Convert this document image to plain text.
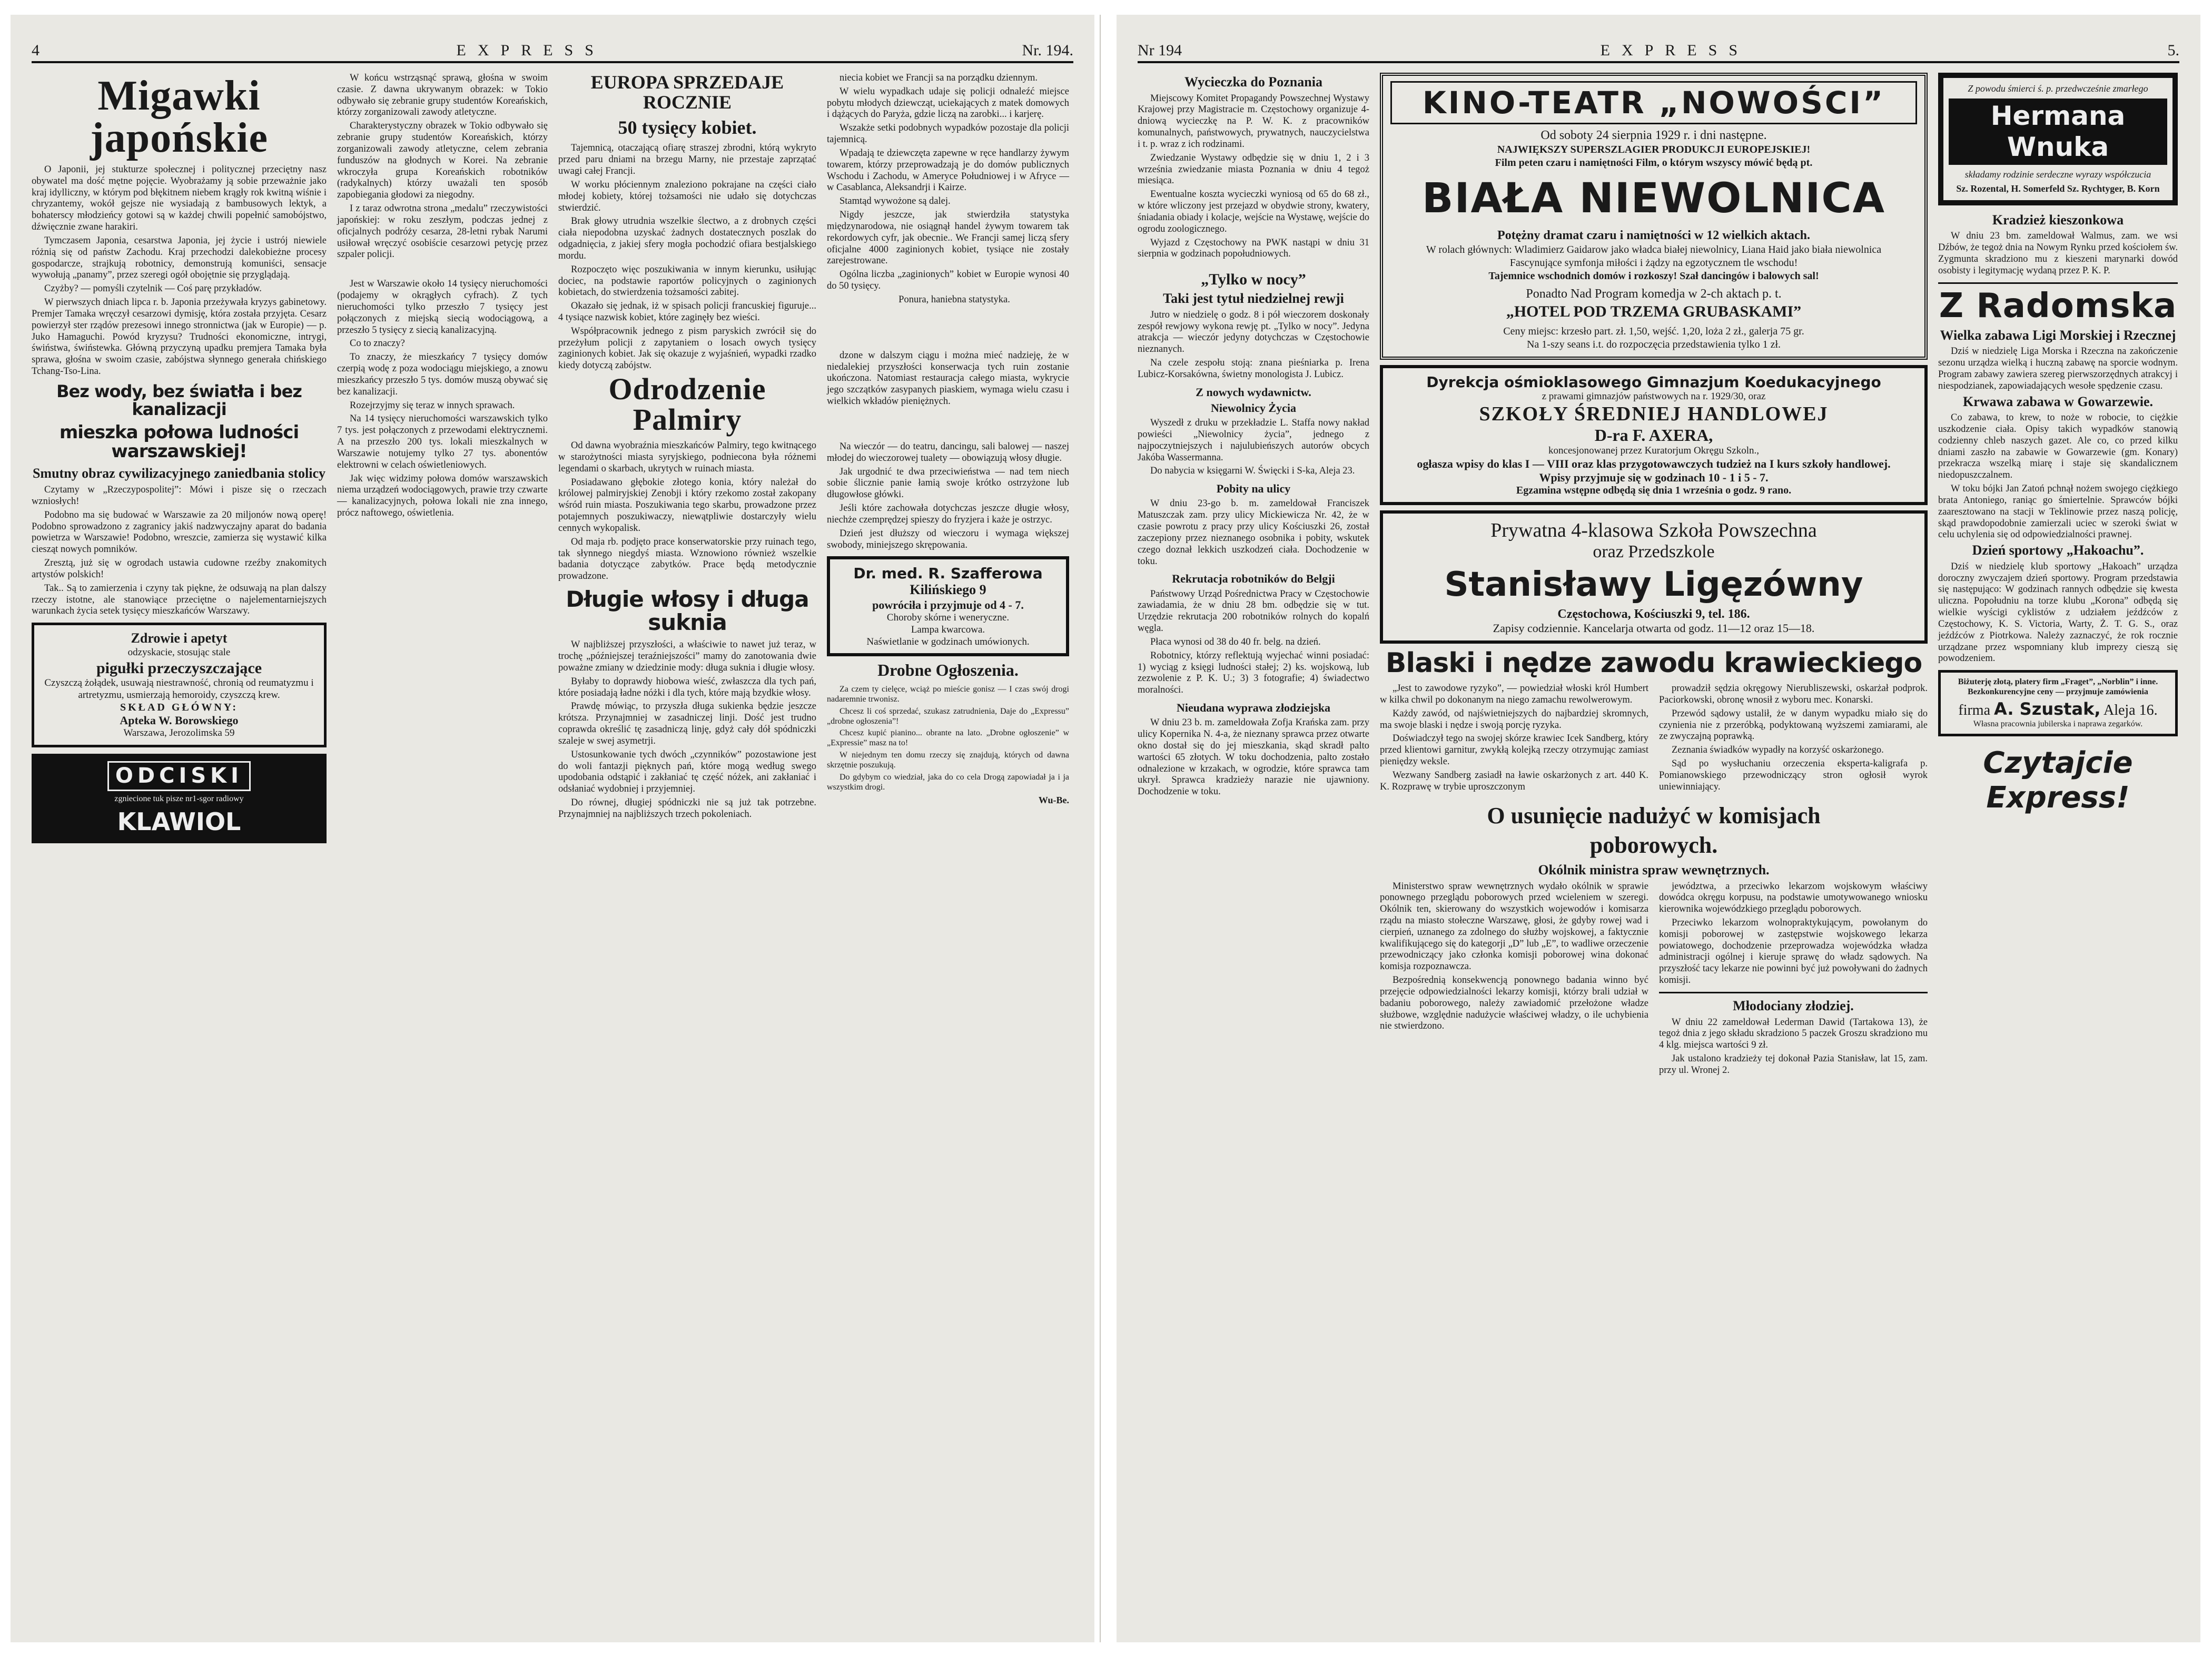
4	EXPRESS	Nr. 194.
Migawki japońskie

O Japonii, jej stukturze społecznej i politycznej przeciętny nasz obywatel ma dość mętne pojęcie. Wyobrażamy ją sobie przeważnie jako kraj idylliczny, w którym pod błękitnem niebem krągły rok kwitną wiśnie i chryzantemy, wokół gejsze nie wysiadają z bambusowych lektyk, a bohaterscy młodzieńcy gotowi są w każdej chwili popełnić samobójstwo, dźwięcznie zwane harakiri.

Tymczasem Japonia, cesarstwa Japonia, jej życie i ustrój niewiele różnią się od państw Zachodu. Kraj przechodzi dalekobieżne procesy gospodarcze, strajkują robotnicy, demonstrują komuniści, sensacje wywołują „panamy”, przez szeregi ogół obojętnie się przyglądają.

Czyżby? — pomyśli czytelnik — Coś parę przykładów.

W pierwszych dniach lipca r. b. Japonia przeżywała kryzys gabinetowy. Premjer Tamaka wręczył cesarzowi dymisję, która została przyjęta. Cesarz powierzył ster rządów prezesowi innego stronnictwa (jak w Europie) — p. Juko Hamaguchi. Powód kryzysu? Trudności ekonomiczne, intrygi, świństwa, świństewka. Główną przyczyną upadku premjera Tamaka była sprawa, głośna w swoim czasie, zabójstwa słynnego generała chińskiego Tchang-Tso-Lina.

Bez wody, bez światła i bez kanalizacji
mieszka połowa ludności warszawskiej!
Smutny obraz cywilizacyjnego zaniedbania stolicy

Czytamy w „Rzeczypospolitej”: Mówi i pisze się o rzeczach wzniosłych!

Podobno ma się budować w Warszawie za 20 miljonów nową operę! Podobno sprowadzono z zagranicy jakiś nadzwyczajny aparat do badania powietrza w Warszawie! Podobno, wreszcie, zamierza się wystawić kilka ciesząt nowych pomników.

Zresztą, już się w ogrodach ustawia cudowne rzeźby znakomitych artystów polskich!

Tak.. Są to zamierzenia i czyny tak piękne, że odsuwają na plan dalszy rzeczy istotne, ale stanowiące przeciętne o najelementarniejszych warunkach życia setek tysięcy mieszkańców Warszawy.

Zdrowie i apetyt
odzyskacie, stosując stale
pigułki przeczyszczające
Czyszczą żołądek, usuwają niestrawność, chronią od reumatyzmu i artretyzmu, usmierzają hemoroidy, czyszczą krew.
SKŁAD GŁÓWNY:
Apteka W. Borowskiego
Warszawa, Jerozolimska 59
ODCISKI
zgniecione tuk pisze nr1-sgor radiowy
KLAWIOL

W końcu wstrząsnąć sprawą, głośna w swoim czasie. Z dawna ukrywanym obrazek: w Tokio odbywało się zebranie grupy studentów Koreańskich, którzy zorganizowali zawody atletyczne.

Charakterystyczny obrazek w Tokio odbywało się zebranie grupy studentów Koreańskich, którzy zorganizowali zawody atletyczne, celem zebrania funduszów na głodnych w Korei. Na zebranie wkroczyła grupa Koreańskich robotników (radykalnych) którzy uważali ten sposób zapobiegania głodowi za niegodny.

I z taraz odwrotna strona „medalu” rzeczywistości japońskiej: w roku zeszłym, podczas jednej z oficjalnych podróży cesarza, 28-letni rybak Narumi usiłował wręczyć osobiście cesarzowi petycję przez szpaler policji.

Jest w Warszawie około 14 tysięcy nieruchomości (podajemy w okrągłych cyfrach). Z tych nieruchomości tylko przeszło 7 tysięcy jest połączonych z miejską siecią wodociągową, a przeszło 5 tysięcy z siecią kanalizacyjną.

Co to znaczy?

To znaczy, że mieszkańcy 7 tysięcy domów czerpią wodę z poza wodociągu miejskiego, a znowu mieszkańcy przeszło 5 tys. domów muszą obywać się bez kanalizacji.

Rozejrzyjmy się teraz w innych sprawach.

Na 14 tysięcy nieruchomości warszawskich tylko 7 tys. jest połączonych z przewodami elektrycznemi. A na przeszło 200 tys. lokali mieszkalnych w Warszawie notujemy tylko 27 tys. abonentów elektrowni w celach oświetleniowych.

Jak więc widzimy połowa domów warszawskich niema urządzeń wodociągowych, prawie trzy czwarte — kanalizacyjnych, połowa lokali nie zna innego, prócz naftowego, oświetlenia.

EUROPA SPRZEDAJE ROCZNIE
50 tysięcy kobiet.

Tajemnicą, otaczającą ofiarę straszej zbrodni, którą wykryto przed paru dniami na brzegu Marny, nie przestaje zaprzątać uwagi całej Francji.

W worku płóciennym znaleziono pokrajane na części ciało młodej kobiety, której tożsamości nie udało się dotychczas stwierdzić.

Brak głowy utrudnia wszelkie ślectwo, a z drobnych części ciała niepodobna uzyskać żadnych dostatecznych poszlak do odgadnięcia, z jakiej sfery mogła pochodzić ofiara bestjalskiego mordu.

Rozpoczęto więc poszukiwania w innym kierunku, usiłując dociec, na podstawie raportów policyjnych o zaginionych kobietach, do stwierdzenia tożsamości zabitej.

Okazało się jednak, iż w spisach policji francuskiej figuruje... 4 tysiące nazwisk kobiet, które zaginęły bez wieści.

Współpracownik jednego z pism paryskich zwrócił się do przeżyłum policji z zapytaniem o losach owych tysięcy zaginionych kobiet. Jak się okazuje z wyjaśnień, wypadki rzadko kiedy dotyczą zabójstw.

Odrodzenie Palmiry

Od dawna wyobraźnia mieszkańców Palmiry, tego kwitnącego w starożytności miasta syryjskiego, podniecona była różnemi legendami o skarbach, ukrytych w ruinach miasta.

Posiadawano głębokie złotego konia, który należał do królowej palmiryjskiej Zenobji i który rzekomo został zakopany wśród ruin miasta. Poszukiwania tego skarbu, prowadzone przez potajemnych poszukiwaczy, niewątpliwie dostarczyły wielu cennych wykopalisk.

Od maja rb. podjęto prace konserwatorskie przy ruinach tego, tak słynnego niegdyś miasta. Wznowiono również wszelkie badania dotyczące zabytków. Prace będą metodycznie prowadzone.

Długie włosy i długa suknia

W najbliższej przyszłości, a właściwie to nawet już teraz, w trochę „późniejszej teraźniejszości” mamy do zanotowania dwie poważne zmiany w dziedzinie mody: długa suknia i długie włosy.

Byłaby to doprawdy hiobowa wieść, zwłaszcza dla tych pań, które posiadają ładne nóżki i dla tych, które mają bzydkie włosy.

Prawdę mówiąc, to przyszła długa sukienka będzie jeszcze krótsza. Przynajmniej w zasadniczej linji. Dość jest trudno coprawda określić tę zasadniczą linję, gdyż cały dół spódniczki szaleje w swej asymetrji.

Ustosunkowanie tych dwóch „czynników” pozostawione jest do woli fantazji pięknych pań, które mogą według swego upodobania odstąpić i zakłaniać tę część nóżek, ani zakłaniać i odsłaniać wydobniej i przyjemniej.

Do równej, długiej spódniczki nie są już tak potrzebne. Przynajmniej na najbliższych trzech pokoleniach.

niecia kobiet we Francji sa na porządku dziennym.

W wielu wypadkach udaje się policji odnaleźć miejsce pobytu młodych dziewcząt, uciekających z matek domowych i dążących do Paryża, gdzie liczą na zarobki... i karjerę.

Wszakże setki podobnych wypadków pozostaje dla policji tajemnicą.

Wpadają te dziewczęta zapewne w ręce handlarzy żywym towarem, którzy przeprowadzają je do domów publicznych Wschodu i Zachodu, w Ameryce Południowej i w Afryce — w Casablanca, Aleksandrji i Kairze.

Stamtąd wywożone są dalej.

Nigdy jeszcze, jak stwierdziła statystyka międzynarodowa, nie osiągnął handel żywym towarem tak rekordowych cyfr, jak obecnie.. We Francji samej liczą sfery oficjalne 4000 zaginionych kobiet, tysiące nie zostały zarejestrowane.

Ogólna liczba „zaginionych” kobiet w Europie wynosi 40 do 50 tysięcy.

Ponura, haniebna statystyka.

dzone w dalszym ciągu i można mieć nadzieję, że w niedalekiej przyszłości konserwacja tych ruin zostanie ukończona. Natomiast restauracja całego miasta, wykrycie jego szczątków zasypanych piaskiem, wymaga wielu czasu i wielkich wkładów pieniężnych.

Na wieczór — do teatru, dancingu, sali balowej — naszej młodej do wieczorowej tualety — obowiązują włosy długie.

Jak urgodnić te dwa przeciwieństwa — nad tem niech sobie ślicznie panie łamią swoje krótko ostrzyżone lub długowłose główki.

Jeśli które zachowała dotychczas jeszcze długie włosy, niechże czemprędzej spieszy do fryzjera i każe je ostrzyc.

Dzień jest dłuższy od wieczoru i wymaga większej swobody, miniejszego skrępowania.

Dr. med. R. Szafferowa
Kilińskiego 9
powróciła i przyjmuje od 4 - 7.
Choroby skórne i weneryczne.
Lampa kwarcowa.
Naświetlanie w godzinach umówionych.
Drobne Ogłoszenia.

Za czem ty cielęce, wciąż po mieście gonisz — I czas swój drogi nadaremnie trwonisz.

Chcesz li coś sprzedać, szukasz zatrudnienia, Daje do „Expressu” „drobne ogłoszenia”!

Chcesz kupić pianino... obrante na lato. „Drobne ogłoszenie” w „Expressie” masz na to!

W niejednym ten domu rzeczy się znajdują, których od dawna skrzętnie poszukują.

Do gdybym co wiedział, jaka do co cela Drogą zapowiadał ja i ja wszystkim drogi.

Wu-Be.
Nr 194	EXPRESS	5.
Wycieczka do Poznania

Miejscowy Komitet Propagandy Powszechnej Wystawy Krajowej przy Magistracie m. Częstochowy organizuje 4-dniową wycieczkę na P. W. K. z pracowników komunalnych, państwowych, prywatnych, nauczycielstwa i t. p. wraz z ich rodzinami.

Zwiedzanie Wystawy odbędzie się w dniu 1, 2 i 3 września zwiedzanie miasta Poznania w dniu 4 tegoż miesiąca.

Ewentualne koszta wycieczki wyniosą od 65 do 68 zł., w które wliczony jest przejazd w obydwie strony, kwatery, śniadania obiady i kolacje, wejście na Wystawę, wejście do ogrodu zoologicznego.

Wyjazd z Częstochowy na PWK nastąpi w dniu 31 sierpnia w godzinach popołudniowych.

„Tylko w nocy”
Taki jest tytuł niedzielnej rewji

Jutro w niedzielę o godz. 8 i pół wieczorem doskonały zespół rewjowy wykona rewję pt. „Tylko w nocy”. Jedyna atrakcja — wieczór jedyny dotychczas w Częstochowie nieznanych.

Na czele zespołu stoją: znana pieśniarka p. Irena Lubicz-Korsakówna, świetny monologista J. Lubicz.

Z nowych wydawnictw.
Niewolnicy Życia

Wyszedł z druku w przekładzie L. Staffa nowy nakład powieści „Niewolnicy życia”, jednego z najpoczytniejszych i najulubieńszych autorów obcych Jakóba Wassermanna.

Do nabycia w księgarni W. Święcki i S-ka, Aleja 23.

Pobity na ulicy

W dniu 23-go b. m. zameldował Franciszek Matuszczak zam. przy ulicy Mickiewicza Nr. 42, że w czasie powrotu z pracy przy ulicy Kościuszki 26, został zaczepiony przez nieznanego osobnika i pobity, wskutek czego doznał lekkich uszkodzeń ciała. Dochodzenie w toku.

Rekrutacja robotników do Belgji

Państwowy Urząd Pośrednictwa Pracy w Częstochowie zawiadamia, że w dniu 28 bm. odbędzie się w tut. Urzędzie rekrutacja 200 robotników rolnych do kopalń węgla.

Płaca wynosi od 38 do 40 fr. belg. na dzień.

Robotnicy, którzy reflektują wyjechać winni posiadać: 1) wyciąg z księgi ludności stałej; 2) ks. wojskową, lub zezwolenie z P. K. U.; 3) 3 fotografie; 4) świadectwo moralności.

Nieudana wyprawa złodziejska

W dniu 23 b. m. zameldowała Zofja Krańska zam. przy ulicy Kopernika N. 4-a, że nieznany sprawca przez otwarte okno dostał się do jej mieszkania, skąd skradł palto wartości 65 złotych. W toku dochodzenia, palto zostało odnalezione w krzakach, w ogrodzie, które sprawca tam ukrył. Sprawca kradzieży narazie nie ujawniony. Dochodzenie w toku.

KINO-TEATR „NOWOŚCI”
Od soboty 24 sierpnia 1929 r. i dni następne.
NAJWIĘKSZY SUPERSZLAGIER PRODUKCJI EUROPEJSKIEJ!
Film peten czaru i namiętności Film, o którym wszyscy mówić będą pt.
BIAŁA NIEWOLNICA
Potężny dramat czaru i namiętności w 12 wielkich aktach.
W rolach głównych: Wladimierz Gaidarow jako władca białej niewolnicy, Liana Haid jako biała niewolnica
Fascynujące symfonja miłości i żądzy na egzotycznem tle wschodu!
Tajemnice wschodnich domów i rozkoszy! Szał dancingów i balowych sal!
Ponadto Nad Program komedja w 2-ch aktach p. t.
„HOTEL POD TRZEMA GRUBASKAMI”
Ceny miejsc: krzesło part. zł. 1,50, wejść. 1,20, loża 2 zł., galerja 75 gr.
Na 1-szy seans i.t. do rozpoczęcia przedstawienia tylko 1 zł.
Dyrekcja ośmioklasowego Gimnazjum Koedukacyjnego
z prawami gimnazjów państwowych na r. 1929/30, oraz
SZKOŁY ŚREDNIEJ HANDLOWEJ
D-ra F. AXERA,
koncesjonowanej przez Kuratorjum Okręgu Szkoln.,
ogłasza wpisy do klas I — VIII oraz klas przygotowawczych tudzież na I kurs szkoły handlowej.
Wpisy przyjmuje się w godzinach 10 - 1 i 5 - 7.
Egzamina wstępne odbędą się dnia 1 września o godz. 9 rano.
Prywatna 4-klasowa Szkoła Powszechna
oraz Przedszkole
Stanisławy Ligęzówny
Częstochowa, Kościuszki 9, tel. 186.
Zapisy codziennie. Kancelarja otwarta od godz. 11—12 oraz 15—18.
Blaski i nędze zawodu krawieckiego

„Jest to zawodowe ryzyko”, — powiedział włoski król Humbert w kilka chwil po dokonanym na niego zamachu rewolwerowym.

Każdy zawód, od najświetniejszych do najbardziej skromnych, ma swoje blaski i nędze i swoją porcję ryzyka.

Doświadczył tego na swojej skórze krawiec Icek Sandberg, który przed klientowi garnitur, zwykłą kolejką rzeczy otrzymując zamiast pieniędzy weksle.

Wezwany Sandberg zasiadł na ławie oskarżonych z art. 440 K. K. Rozprawę w trybie uproszczonym

prowadził sędzia okręgowy Nierubliszewski, oskarżał podprok. Paciorkowski, obronę wnosił z wyboru mec. Konarski.

Przewód sądowy ustalił, że w danym wypadku miało się do czynienia nie z przeróbką, podyktowaną wyższemi zamiarami, ale ze zwyczajną poprawką.

Zeznania świadków wypadły na korzyść oskarżonego.

Sąd po wysłuchaniu orzeczenia eksperta-kaligrafa p. Pomianowskiego przewodniczący stron ogłosił wyrok uniewinniający.

O usunięcie nadużyć w komisjach
poborowych.
Okólnik ministra spraw wewnętrznych.

Ministerstwo spraw wewnętrznych wydało okólnik w sprawie ponownego przeglądu poborowych przed wcieleniem w szeregi. Okólnik ten, skierowany do wszystkich wojewodów i komisarza rządu na miasto stołeczne Warszawę, głosi, że gdyby rowej wad i cierpień, uznanego za zdolnego do służby wojskowej, a faktycznie kwalifikującego się do kategorji „D” lub „E”, to wadliwe orzeczenie przewodniczący jako członka komisji poborowej wina dokonać komisja rozpoznawcza.

Bezpośrednią konsekwencją ponownego badania winno być przejęcie odpowiedzialności lekarzy komisji, którzy brali udział w badaniu poborowego, należy zawiadomić przełożone władze służbowe, względnie nadużycie właściwej władzy, o ile uchybienia nie stwierdzono.

jewództwa, a przeciwko lekarzom wojskowym właściwy dowódca okręgu korpusu, na podstawie umotywowanego wniosku kierownika wojewódzkiego przeglądu poborowych.

Przeciwko lekarzom wolnopraktykującym, powołanym do komisji poborowej w zastępstwie wojskowego lekarza powiatowego, dochodzenie przeprowadza wojewódzka władza administracji ogólnej i kieruje sprawę do władz sądowych. Na przyszłość tacy lekarze nie powinni być już powoływani do żadnych komisji.

Młodociany złodziej.

W dniu 22 zameldował Lederman Dawid (Tartakowa 13), że tegoż dnia z jego składu skradziono 5 paczek Groszu skradziono mu 4 klg. miejsca wartości 9 zł.

Jak ustalono kradzieży tej dokonał Pazia Stanisław, lat 15, zam. przy ul. Wronej 2.

Z powodu śmierci ś. p. przedwcześnie zmarłego
Hermana Wnuka
składamy rodzinie serdeczne wyrazy współczucia
Sz. Rozental, H. Somerfeld Sz. Rychtyger, B. Korn
Kradzież kieszonkowa

W dniu 23 bm. zameldował Walmus, zam. we wsi Dźbów, że tegoż dnia na Nowym Rynku przed kościołem św. Zygmunta skradziono mu z kieszeni marynarki dowód osobisty i legitymację wydaną przez P. K. P.

Z Radomska
Wielka zabawa Ligi Morskiej i Rzecznej

Dziś w niedzielę Liga Morska i Rzeczna na zakończenie sezonu urządza wielką i huczną zabawę na sporcie wodnym. Program zabawy zawiera szereg pierwszorzędnych atrakcyj i niespodzianek, zapowiadających wesołe spędzenie czasu.

Krwawa zabawa w Gowarzewie.

Co zabawa, to krew, to noże w robocie, to ciężkie uszkodzenie ciała. Opisy takich wypadków stanowią codzienny chleb naszych gazet. Ale co, co przed kilku dniami zaszło na zabawie w Gowarzewie (gm. Konary) przekracza wszelką miarę i staje się skandalicznem niedopuszczalnem.

W toku bójki Jan Zatoń pchnął nożem swojego ciężkiego brata Antoniego, raniąc go śmiertelnie. Sprawców bójki zaaresztowano na stacji w Teklinowie przez naszą policję, skąd prawdopodobnie zamierzali uciec w szeroki świat w celu uchylenia się od odpowiedzialności prawnej.

Dzień sportowy „Hakoachu”.

Dziś w niedzielę klub sportowy „Hakoach” urządza doroczny zwyczajem dzień sportowy. Program przedstawia się następująco: W godzinach rannych odbędzie się kwesta uliczna. Popołudniu na torze klubu „Korona” odbędą się wielkie wyścigi cyklistów z udziałem jeźdźców z Częstochowy, K. S. Victoria, Warty, Ż. T. G. S., oraz jeźdźców z Piotrkowa. Należy zaznaczyć, że rok rocznie urządzane przez wspomniany klub imprezy cieszą się powodzeniem.

Biżuterję złotą, platery firm „Fraget”, „Norblin” i inne. Bezkonkurencyjne ceny — przyjmuje zamówienia
firma A. Szustak, Aleja 16.
Własna pracownia jubilerska i naprawa zegarków.
Czytajcie Express!
